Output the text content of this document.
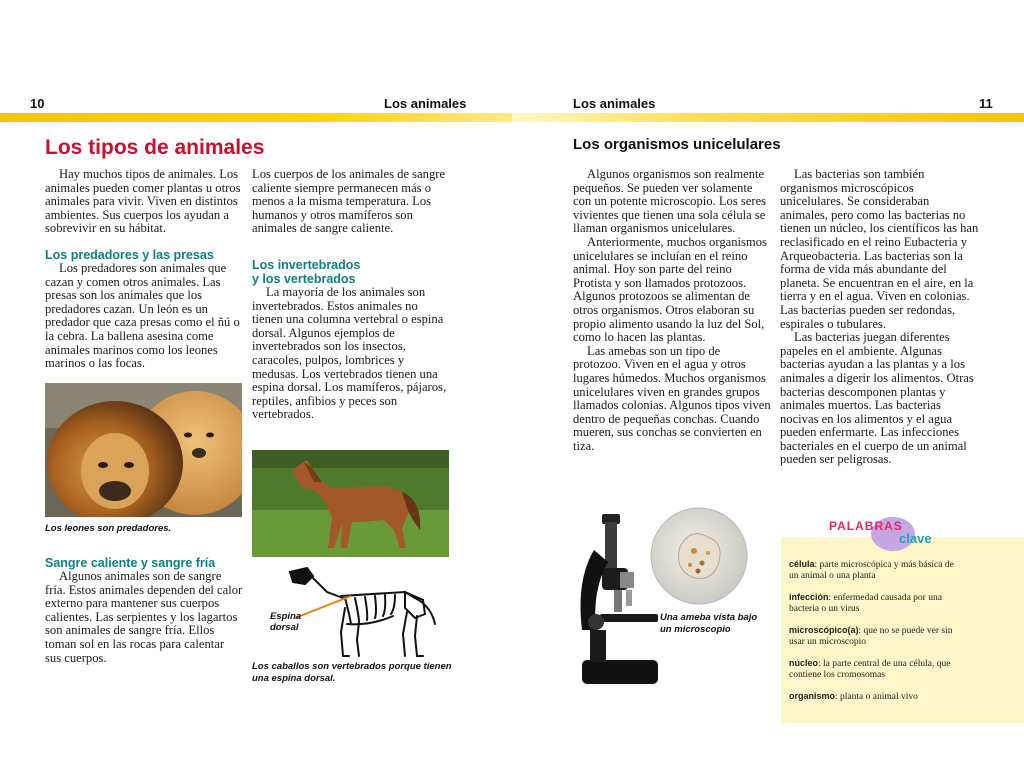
10	Los animales	Los animales	11
Los tipos de animales

Hay muchos tipos de animales. Los animales pueden comer plantas u otros animales para vivir. Viven en distintos ambientes. Sus cuerpos los ayudan a sobrevivir en su hábitat.

Los predadores y las presas

Los predadores son animales que cazan y comen otros animales. Las presas son los animales que los predadores cazan. Un león es un predador que caza presas como el ñú o la cebra. La ballena asesina come animales marinos como los leones marinos o las focas.

Los leones son predadores.
Sangre caliente y sangre fría

Algunos animales son de sangre fría. Estos animales dependen del calor externo para mantener sus cuerpos calientes. Las serpientes y los lagartos son animales de sangre fría. Ellos toman sol en las rocas para calentar sus cuerpos.

Los cuerpos de los animales de sangre caliente siempre permanecen más o menos a la misma temperatura. Los humanos y otros mamíferos son animales de sangre caliente.

Los invertebrados
y los vertebrados

La mayoría de los animales son invertebrados. Estos animales no tienen una columna vertebral o espina dorsal. Algunos ejemplos de invertebrados son los insectos, caracoles, pulpos, lombrices y medusas. Los vertebrados tienen una espina dorsal. Los mamíferos, pájaros, reptiles, anfibios y peces son vertebrados.

Espina
dorsal
Los caballos son vertebrados porque tienen una espina dorsal.
Los organismos unicelulares

Algunos organismos son realmente pequeños. Se pueden ver solamente con un potente microscopio. Los seres vivientes que tienen una sola célula se llaman organismos unicelulares.

Anteriormente, muchos organismos unicelulares se incluían en el reino animal. Hoy son parte del reino Protista y son llamados protozoos. Algunos protozoos se alimentan de otros organismos. Otros elaboran su propio alimento usando la luz del Sol, como lo hacen las plantas.

Las amebas son un tipo de protozoo. Viven en el agua y otros lugares húmedos. Muchos organismos unicelulares viven en grandes grupos llamados colonias. Algunos tipos viven dentro de pequeñas conchas. Cuando mueren, sus conchas se convierten en tiza.

Las bacterias son también organismos microscópicos unicelulares. Se consideraban animales, pero como las bacterias no tienen un núcleo, los científicos las han reclasificado en el reino Eubacteria y Arqueobacteria. Las bacterias son la forma de vida más abundante del planeta. Se encuentran en el aire, en la tierra y en el agua. Viven en colonias. Las bacterias pueden ser redondas, espirales o tubulares.

Las bacterias juegan diferentes papeles en el ambiente. Algunas bacterias ayudan a las plantas y a los animales a digerir los alimentos. Otras bacterias descomponen plantas y animales muertos. Las bacterias nocivas en los alimentos y el agua pueden enfermarte. Las infecciones bacteriales en el cuerpo de un animal pueden ser peligrosas.

Una ameba vista bajo un microscopio
PALABRAS
clave
célula: parte microscópica y más básica de un animal o una planta
infección: enfermedad causada por una bacteria o un virus
microscópico(a): que no se puede ver sin usar un microscopio
núcleo: la parte central de una célula, que contiene los cromosomas
organismo: planta o animal vivo
